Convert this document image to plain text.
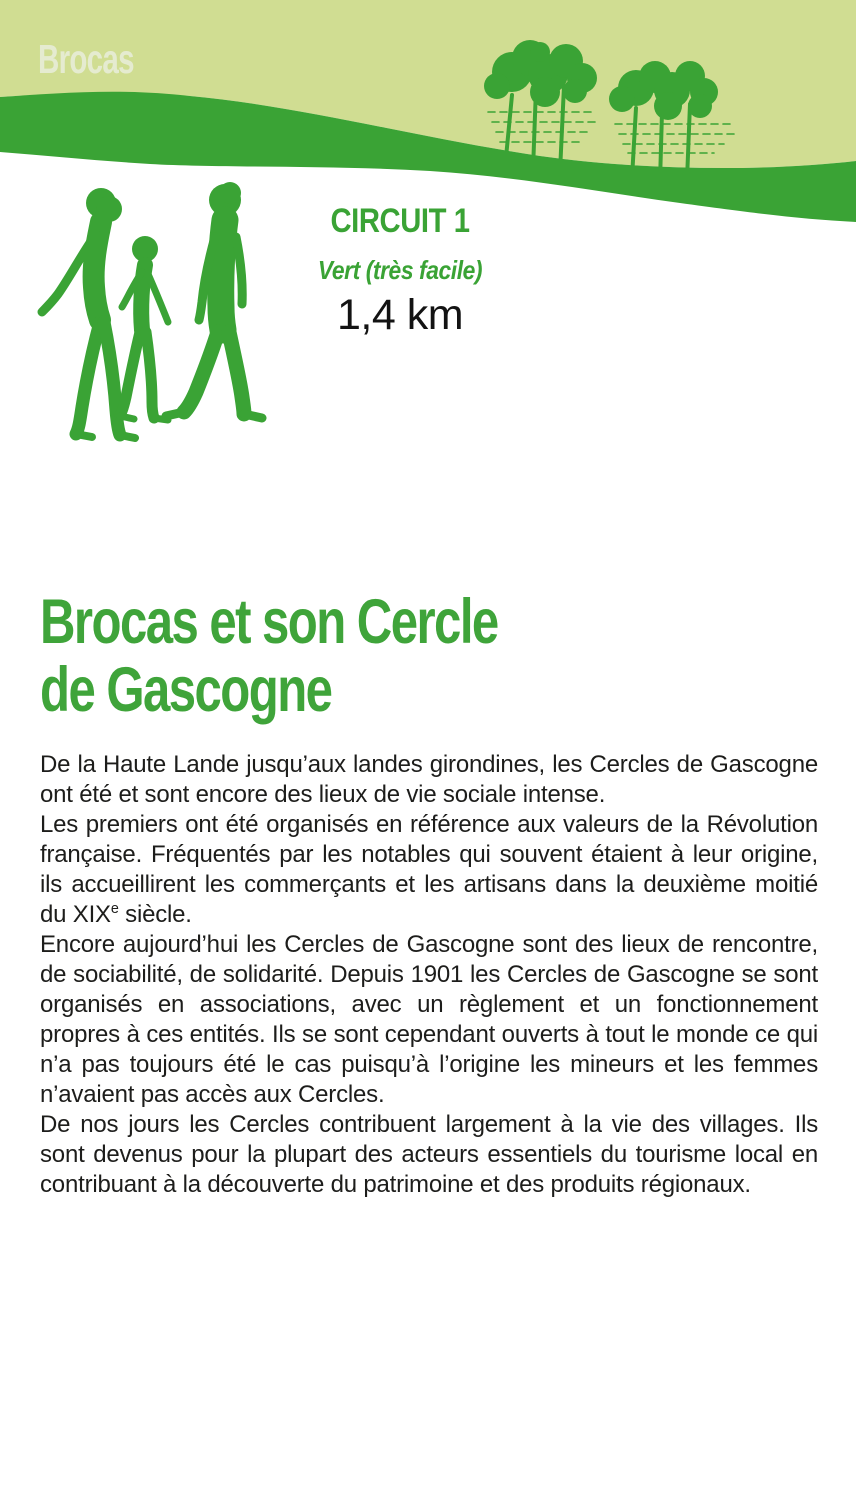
Brocas
CIRCUIT 1
Vert (très facile)
1,4 km
Brocas et son Cercle
de Gascogne

De la Haute Lande jusqu’aux landes girondines, les Cercles de Gascogne ont été et sont encore des lieux de vie sociale intense.

Les premiers ont été organisés en référence aux valeurs de la Révolution française. Fréquentés par les notables qui souvent étaient à leur origine, ils accueillirent les commerçants et les artisans dans la deuxième moitié du XIXe siècle.

Encore aujourd’hui les Cercles de Gascogne sont des lieux de rencontre, de sociabilité, de solidarité. Depuis 1901 les Cercles de Gascogne se sont organisés en associations, avec un règlement et un fonctionnement propres à ces entités. Ils se sont cependant ouverts à tout le monde ce qui n’a pas toujours été le cas puisqu’à l’origine les mineurs et les femmes n’avaient pas accès aux Cercles.

De nos jours les Cercles contribuent largement à la vie des villages. Ils sont devenus pour la plupart des acteurs essentiels du tourisme local en contribuant à la découverte du patrimoine et des produits régionaux.
